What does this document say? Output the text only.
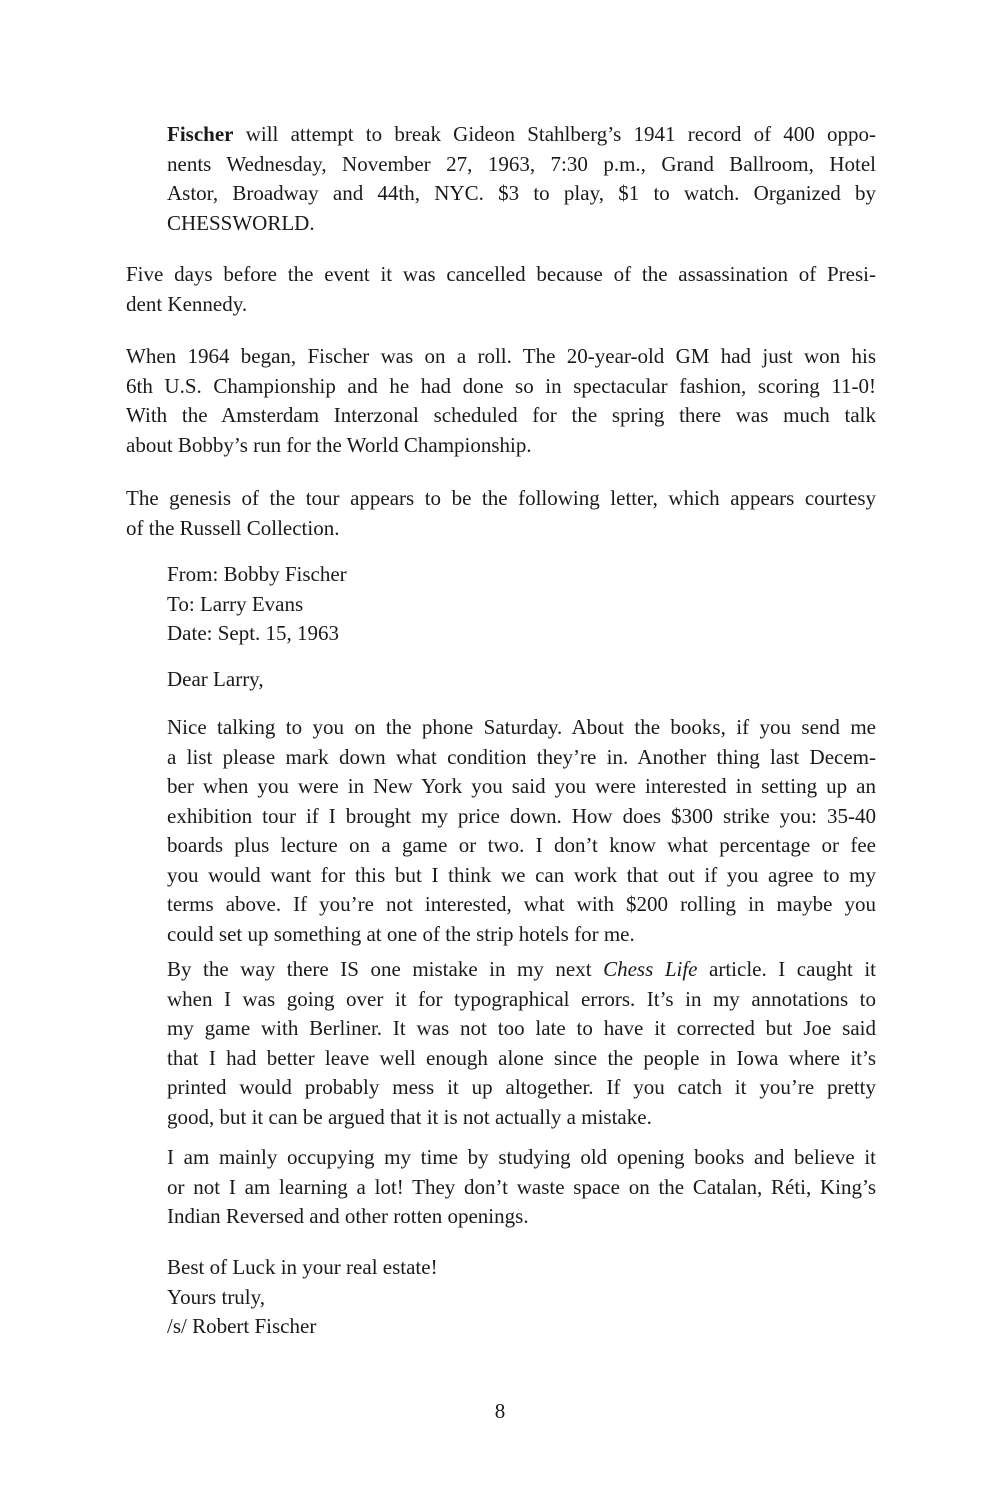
Fischer will attempt to break Gideon Stahlberg’s 1941 record of 400 oppo-
nents Wednesday, November 27, 1963, 7:30 p.m., Grand Ballroom, Hotel
Astor, Broadway and 44th, NYC. $3 to play, $1 to watch. Organized by
CHESSWORLD.

Five days before the event it was cancelled because of the assassination of Presi-
dent Kennedy.

When 1964 began, Fischer was on a roll. The 20-year-old GM had just won his
6th U.S. Championship and he had done so in spectacular fashion, scoring 11-0!
With the Amsterdam Interzonal scheduled for the spring there was much talk
about Bobby’s run for the World Championship.

The genesis of the tour appears to be the following letter, which appears courtesy
of the Russell Collection.

From: Bobby Fischer
To: Larry Evans
Date: Sept. 15, 1963

Dear Larry,

Nice talking to you on the phone Saturday. About the books, if you send me
a list please mark down what condition they’re in. Another thing last Decem-
ber when you were in New York you said you were interested in setting up an
exhibition tour if I brought my price down. How does $300 strike you: 35-40
boards plus lecture on a game or two. I don’t know what percentage or fee
you would want for this but I think we can work that out if you agree to my
terms above. If you’re not interested, what with $200 rolling in maybe you
could set up something at one of the strip hotels for me.

By the way there IS one mistake in my next Chess Life article. I caught it
when I was going over it for typographical errors. It’s in my annotations to
my game with Berliner. It was not too late to have it corrected but Joe said
that I had better leave well enough alone since the people in Iowa where it’s
printed would probably mess it up altogether. If you catch it you’re pretty
good, but it can be argued that it is not actually a mistake.

I am mainly occupying my time by studying old opening books and believe it
or not I am learning a lot! They don’t waste space on the Catalan, Réti, King’s
Indian Reversed and other rotten openings.

Best of Luck in your real estate!
Yours truly,
/s/ Robert Fischer

8
